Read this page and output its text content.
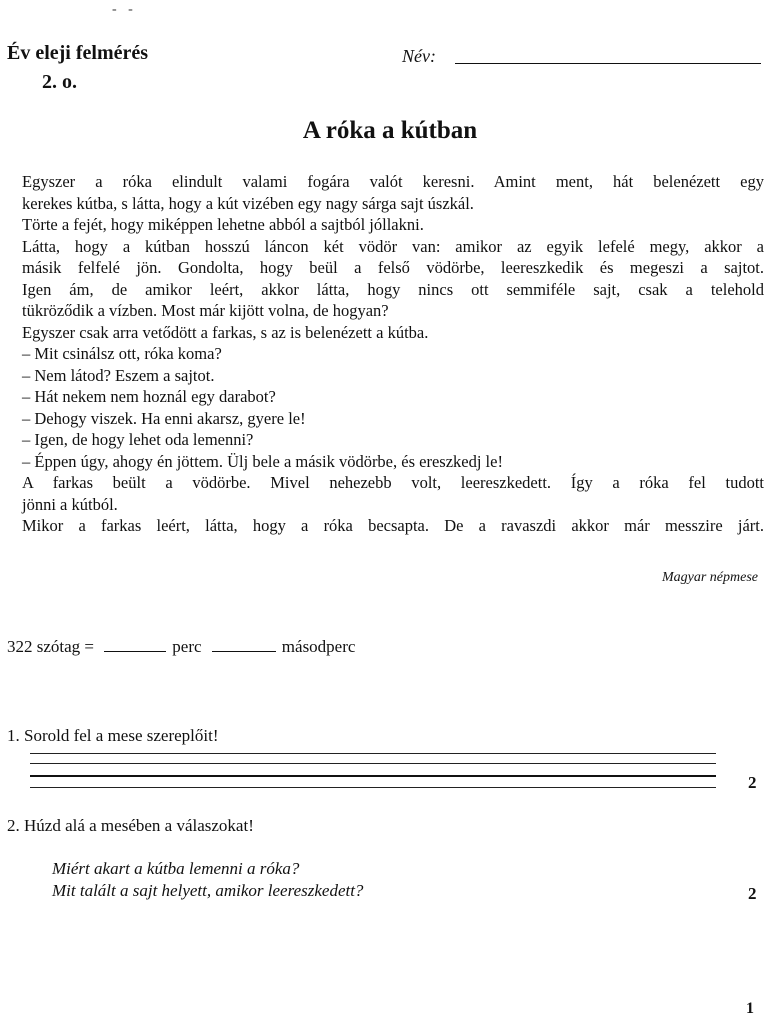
- -
Év eleji felmérés
2. o.
Név:
A róka a kútban

Egyszer a róka elindult valami fogára valót keresni. Amint ment, hát belenézett egy

kerekes kútba, s látta, hogy a kút vizében egy nagy sárga sajt úszkál.

Törte a fejét, hogy miképpen lehetne abból a sajtból jóllakni.

Látta, hogy a kútban hosszú láncon két vödör van: amikor az egyik lefelé megy, akkor a

másik felfelé jön. Gondolta, hogy beül a felső vödörbe, leereszkedik és megeszi a sajtot.

Igen ám, de amikor leért, akkor látta, hogy nincs ott semmiféle sajt, csak a telehold

tükröződik a vízben. Most már kijött volna, de hogyan?

Egyszer csak arra vetődött a farkas, s az is belenézett a kútba.

– Mit csinálsz ott, róka koma?

– Nem látod? Eszem a sajtot.

– Hát nekem nem hoznál egy darabot?

– Dehogy viszek. Ha enni akarsz, gyere le!

– Igen, de hogy lehet oda lemenni?

– Éppen úgy, ahogy én jöttem. Ülj bele a másik vödörbe, és ereszkedj le!

A farkas beült a vödörbe. Mivel nehezebb volt, leereszkedett. Így a róka fel tudott

jönni a kútból.

Mikor a farkas leért, látta, hogy a róka becsapta. De a ravaszdi akkor már messzire járt.

Magyar népmese
322 szótag =	perc	másodperc
1. Sorold fel a mese szereplőit!
2
2. Húzd alá a mesében a válaszokat!
Miért akart a kútba lemenni a róka?
Mit talált a sajt helyett, amikor leereszkedett?	2
1
